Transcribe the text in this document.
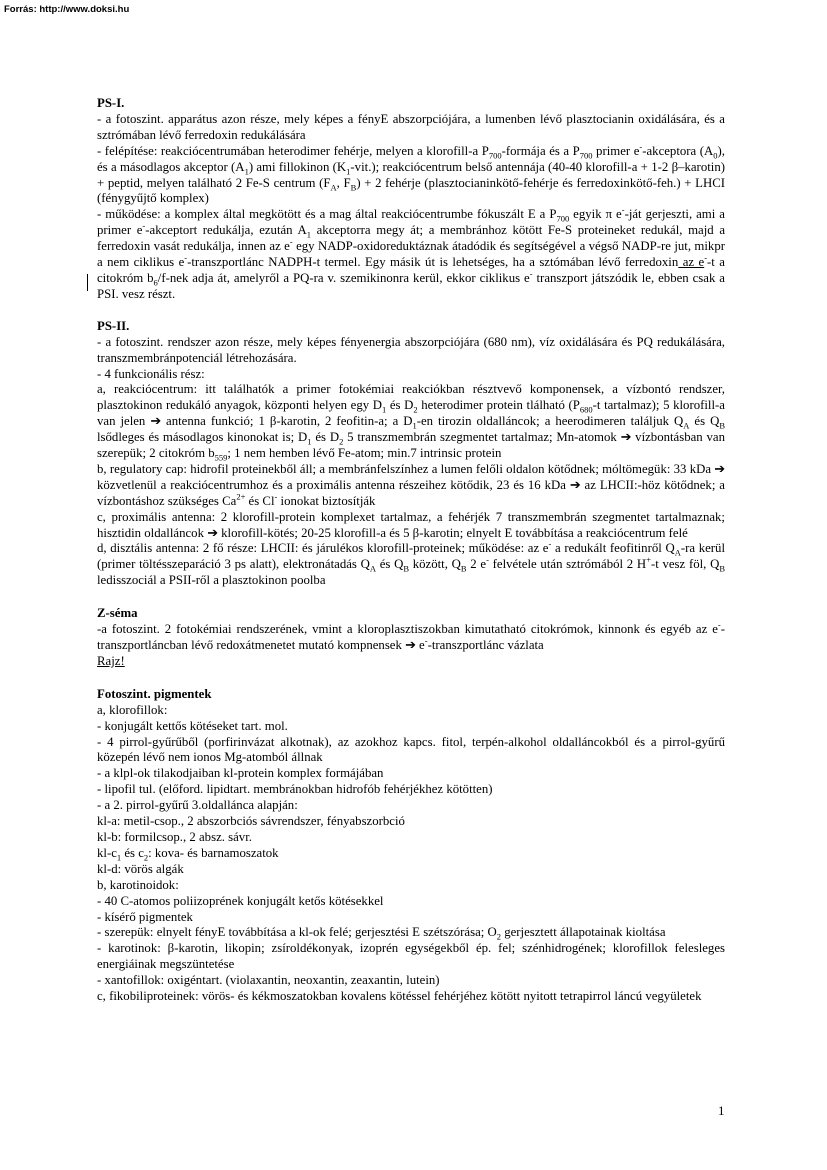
Forrás: http://www.doksi.hu

PS-I.

- a fotoszint. apparátus azon része, mely képes a fényE abszorpciójára, a lumenben lévő plasztocianin oxidálására, és a sztrómában lévő ferredoxin redukálására

- felépítése: reakciócentrumában heterodimer fehérje, melyen a klorofill-a $P_{700}$-formája és a $P_{700}$ primer e--akceptora $(A_0)$, és a másodlagos akceptor $(A_1)$ ami fillokinon $(K_1-vit.)$; reakciócentrum belső antennája (40-40 klorofill-a + 1-2 β–karotin) + peptid, melyen található 2 Fe-S centrum ($F_A$, $F_B) + 2$ fehérje (plasztocianinkötő-fehérje és ferredoxinkötő-feh.) + LHCI (fénygyűjtő komplex)

- működése: a komplex által megkötött és a mag által reakciócentrumbe fókuszált E a $P_{700}$ egyik π e--ját gerjeszti, ami a primer e--akceptort redukálja, ezután $A_1$ akceptorra megy át; a membránhoz kötött Fe-S proteineket redukál, majd a ferredoxin vasát redukálja, innen az e- egy NADP-oxidoreduktáznak átadódik és segítségével a végső NADP-re jut, mikpr a nem ciklikus e--transzportlánc NADPH-t termel. Egy másik út is lehetséges, ha a sztómában lévő ferredoxin az e--t a citokróm $b_6/f$-nek adja át, amelyről a PQ-ra v. szemikinonra kerül, ekkor ciklikus e- transzport játszódik le, ebben csak a PSI. vesz részt.

PS-II.

- a fotoszint. rendszer azon része, mely képes fényenergia abszorpciójára (680 nm), víz oxidálására és PQ redukálására, transzmembránpotenciál létrehozására.

- 4 funkcionális rész:

a, reakciócentrum: itt találhatók a primer fotokémiai reakciókban résztvevő komponensek, a vízbontó rendszer, plasztokinon redukáló anyagok, központi helyen egy $D_1$ és $D_2$ heterodimer protein tlálható ($P_{680}-t$ tartalmaz); 5 klorofill-a van jelen ➔ antenna funkció; 1 β-karotin, 2 feofitin-a; a $D_1-en$ tirozin oldalláncok; a heerodimeren találjuk $Q_A$ és $Q_B$ lsődleges és másodlagos kinonokat is; $D_1$ és $D_2$ 5 transzmembrán szegmentet tartalmaz; Mn-atomok ➔ vízbontásban van szerepük; 2 citokróm $b_{559}$; 1 nem hemben lévő Fe-atom; min.7 intrinsic protein

b, regulatory cap: hidrofil proteinekből áll; a membránfelszínhez a lumen felőli oldalon kötődnek; móltömegük: 33 kDa ➔ közvetlenül a reakciócentrumhoz és a proximális antenna részeihez kötődik, 23 és 16 kDa ➔ az LHCII:-höz kötődnek; a vízbontáshoz szükséges $Ca^{2+}$ és Cl- ionokat biztosítják

c, proximális antenna: 2 klorofill-protein komplexet tartalmaz, a fehérjék 7 transzmembrán szegmentet tartalmaznak; hisztidin oldalláncok ➔ klorofill-kötés; 20-25 klorofill-a és 5 β-karotin; elnyelt E továbbítása a reakciócentrum felé

d, disztális antenna: 2 fő része: LHCII: és járulékos klorofill-proteinek; működése: az e- a redukált feofitinről $Q_A-ra$ kerül (primer töltésszeparáció 3 ps alatt), elektronátadás $Q_A$ és $Q_B$ között, $Q_B$ 2 e- felvétele után sztrómából 2 H+-t vesz föl, $Q_B$ ledisszociál a PSII-ről a plasztokinon poolba

Z-séma

-a fotoszint. 2 fotokémiai rendszerének, vmint a kloroplasztiszokban kimutatható citokrómok, kinnonk és egyéb az e--transzportláncban lévő redoxátmenetet mutató kompnensek ➔ e--transzportlánc vázlata

Rajz!

Fotoszint. pigmentek

a, klorofillok:

- konjugált kettős kötéseket tart. mol.

- 4 pirrol-gyűrűből (porfirinvázat alkotnak), az azokhoz kapcs. fitol, terpén-alkohol oldalláncokból és a pirrol-gyűrű közepén lévő nem ionos Mg-atomból állnak

- a klpl-ok tilakodjaiban kl-protein komplex formájában

- lipofil tul. (előford. lipidtart. membránokban hidrofób fehérjékhez kötötten)

- a 2. pirrol-gyűrű 3.oldallánca alapján:

kl-a: metil-csop., 2 abszorbciós sávrendszer, fényabszorbció

kl-b: formilcsop., 2 absz. sávr.

$kl-c_1$ és $c_2$: kova- és barnamoszatok

kl-d: vörös algák

b, karotinoidok:

- 40 C-atomos poliizoprének konjugált ketős kötésekkel

- kísérő pigmentek

- szerepük: elnyelt fényE továbbítása a kl-ok felé; gerjesztési E szétszórása; $O_2$ gerjesztett állapotainak kioltása

- karotinok: β-karotin, likopin; zsíroldékonyak, izoprén egységekből ép. fel; szénhidrogének; klorofillok felesleges energiáinak megszüntetése

- xantofillok: oxigéntart. (violaxantin, neoxantin, zeaxantin, lutein)

c, fikobiliproteinek: vörös- és kékmoszatokban kovalens kötéssel fehérjéhez kötött nyitott tetrapirrol láncú vegyületek

1
